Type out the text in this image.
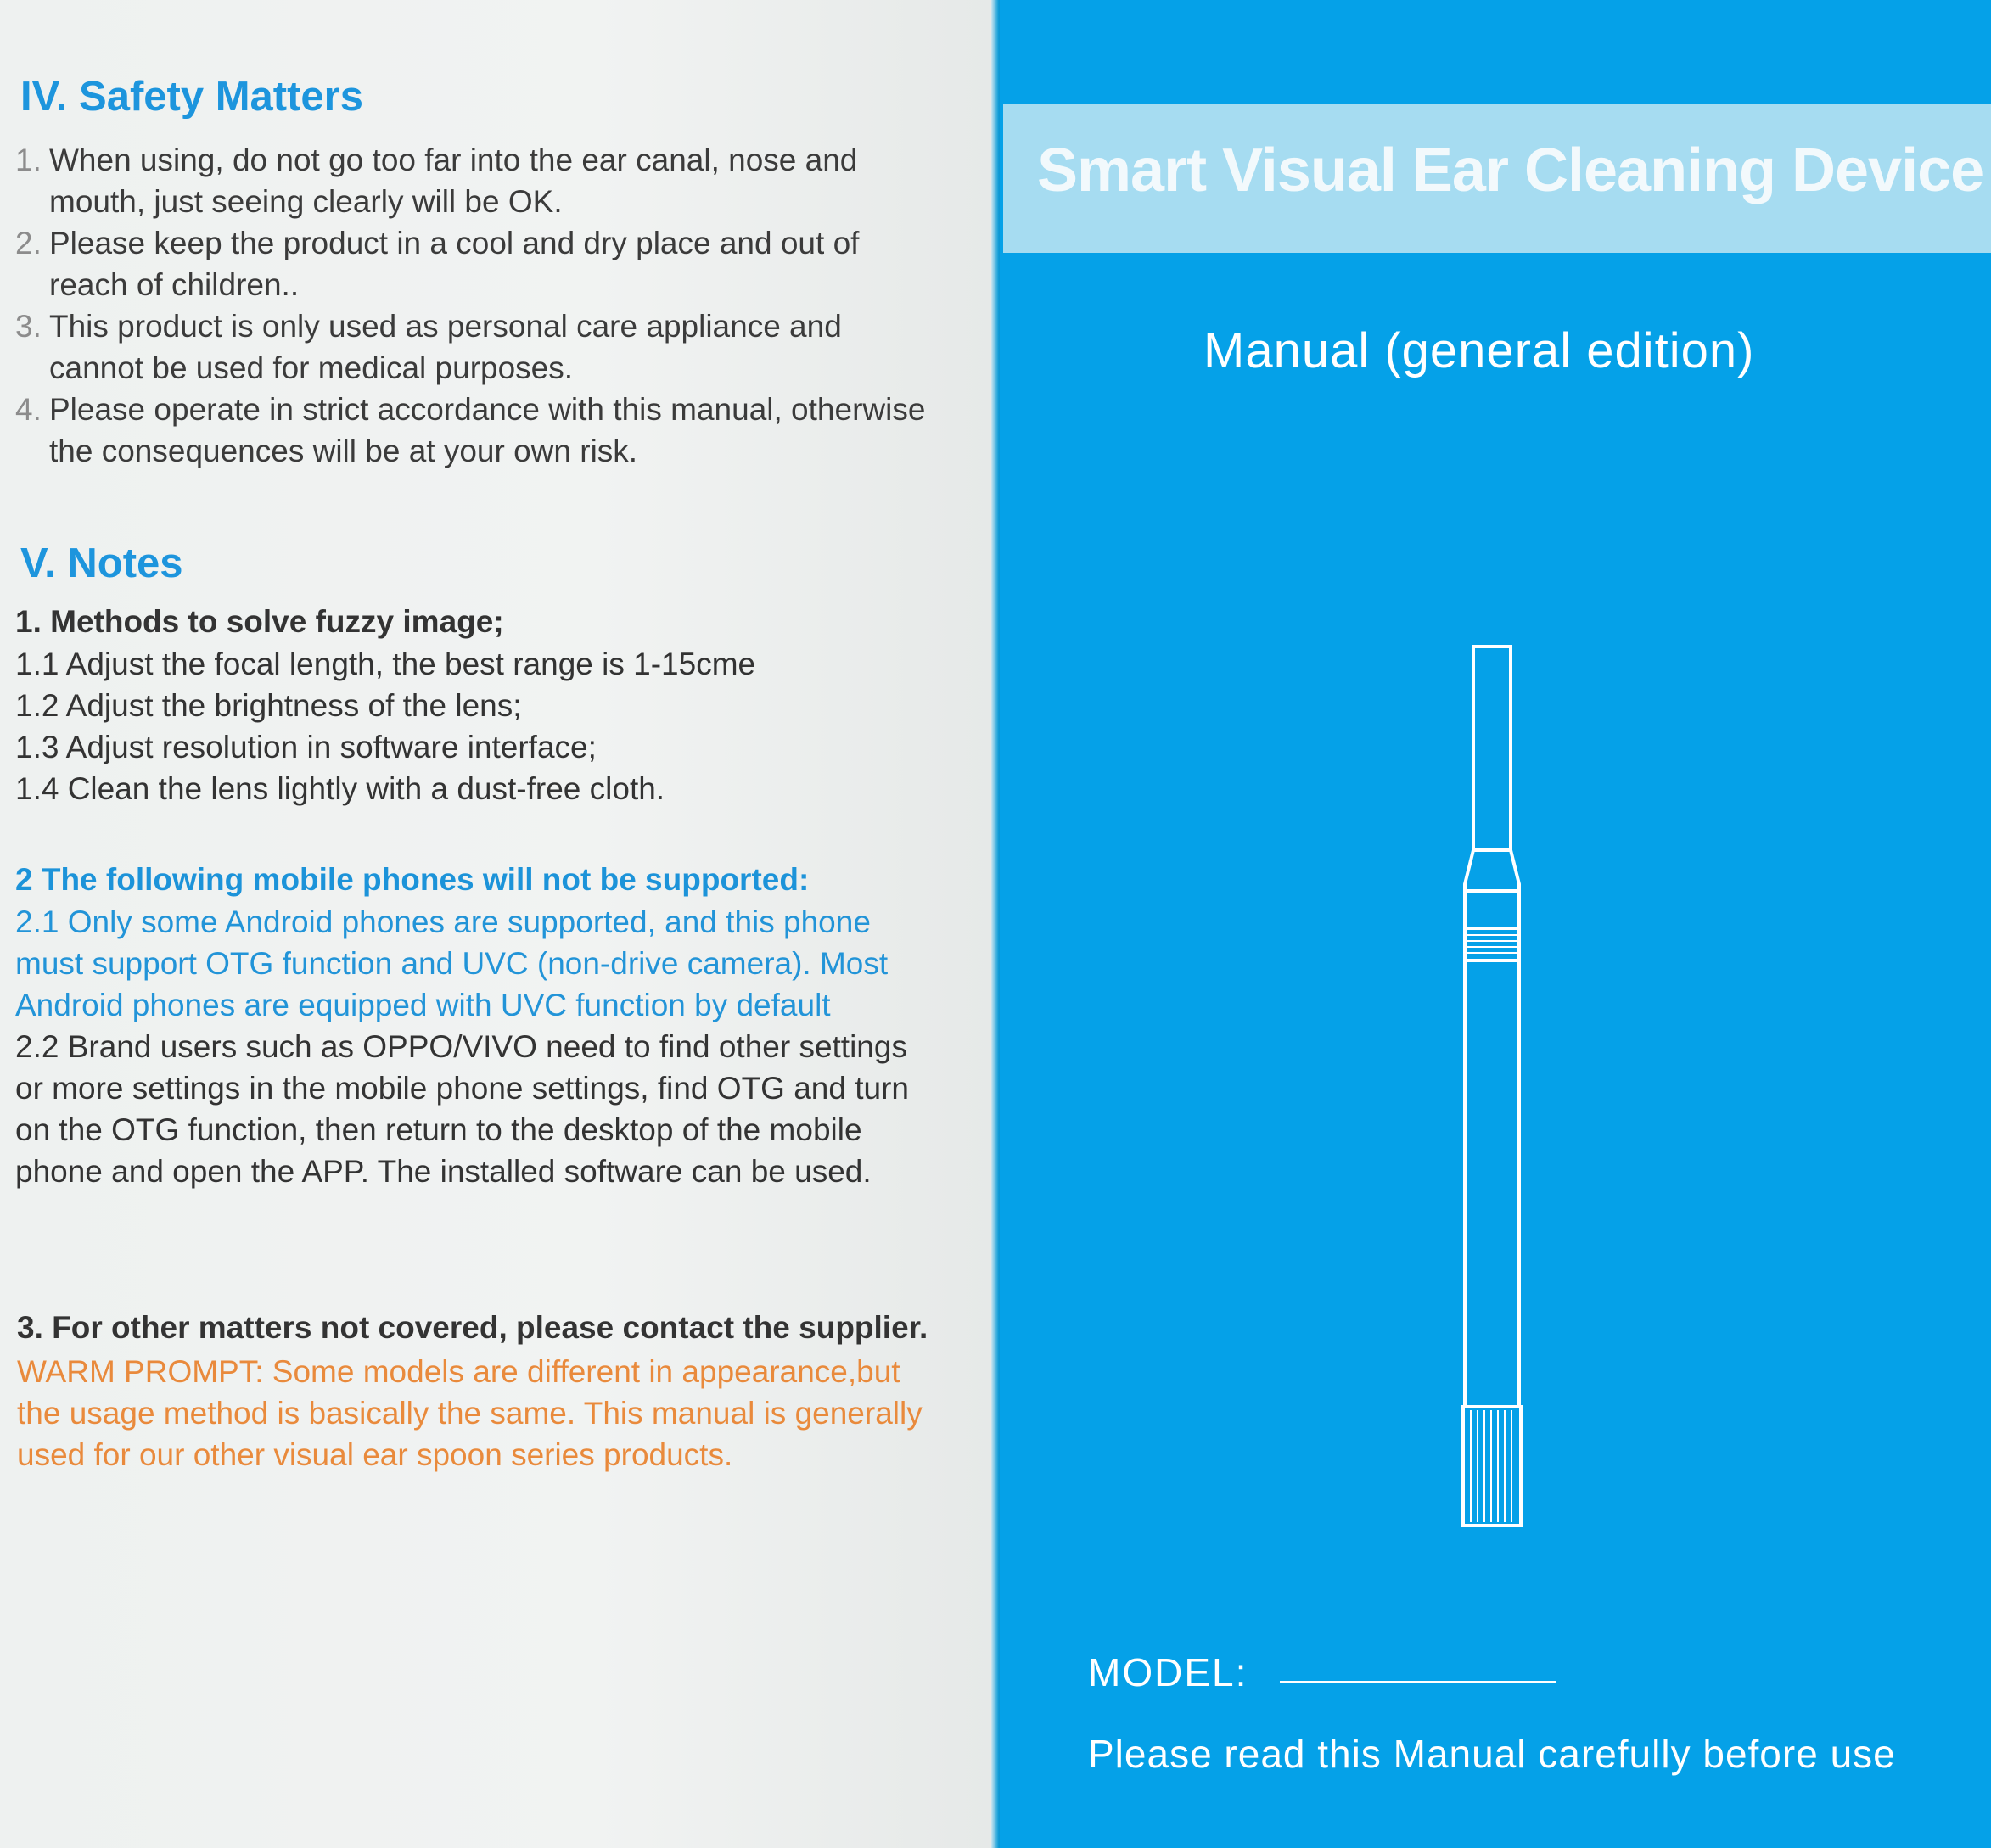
IV. Safety Matters
1. When using, do not go too far into the ear canal, nose and
mouth, just seeing clearly will be OK.
2. Please keep the product in a cool and dry place and out of
reach of children..
3. This product is only used as personal care appliance and
cannot be used for medical purposes.
4. Please operate in strict accordance with this manual, otherwise
the consequences will be at your own risk.
V. Notes

1. Methods to solve fuzzy image;

1.1 Adjust the focal length, the best range is 1-15cme
1.2 Adjust the brightness of the lens;
1.3 Adjust resolution in software interface;
1.4 Clean the lens lightly with a dust-free cloth.

2 The following mobile phones will not be supported:

2.1 Only some Android phones are supported, and this phone
must support OTG function and UVC (non-drive camera). Most
Android phones are equipped with UVC function by default
2.2 Brand users such as OPPO/VIVO need to find other settings
or more settings in the mobile phone settings, find OTG and turn
on the OTG function, then return to the desktop of the mobile
phone and open the APP. The installed software can be used.

3. For other matters not covered, please contact the supplier.

WARM PROMPT: Some models are different in appearance,but
the usage method is basically the same. This manual is generally
used for our other visual ear spoon series products.
Smart Visual Ear Cleaning Device
Manual (general edition)
MODEL:
Please read this Manual carefully before use
